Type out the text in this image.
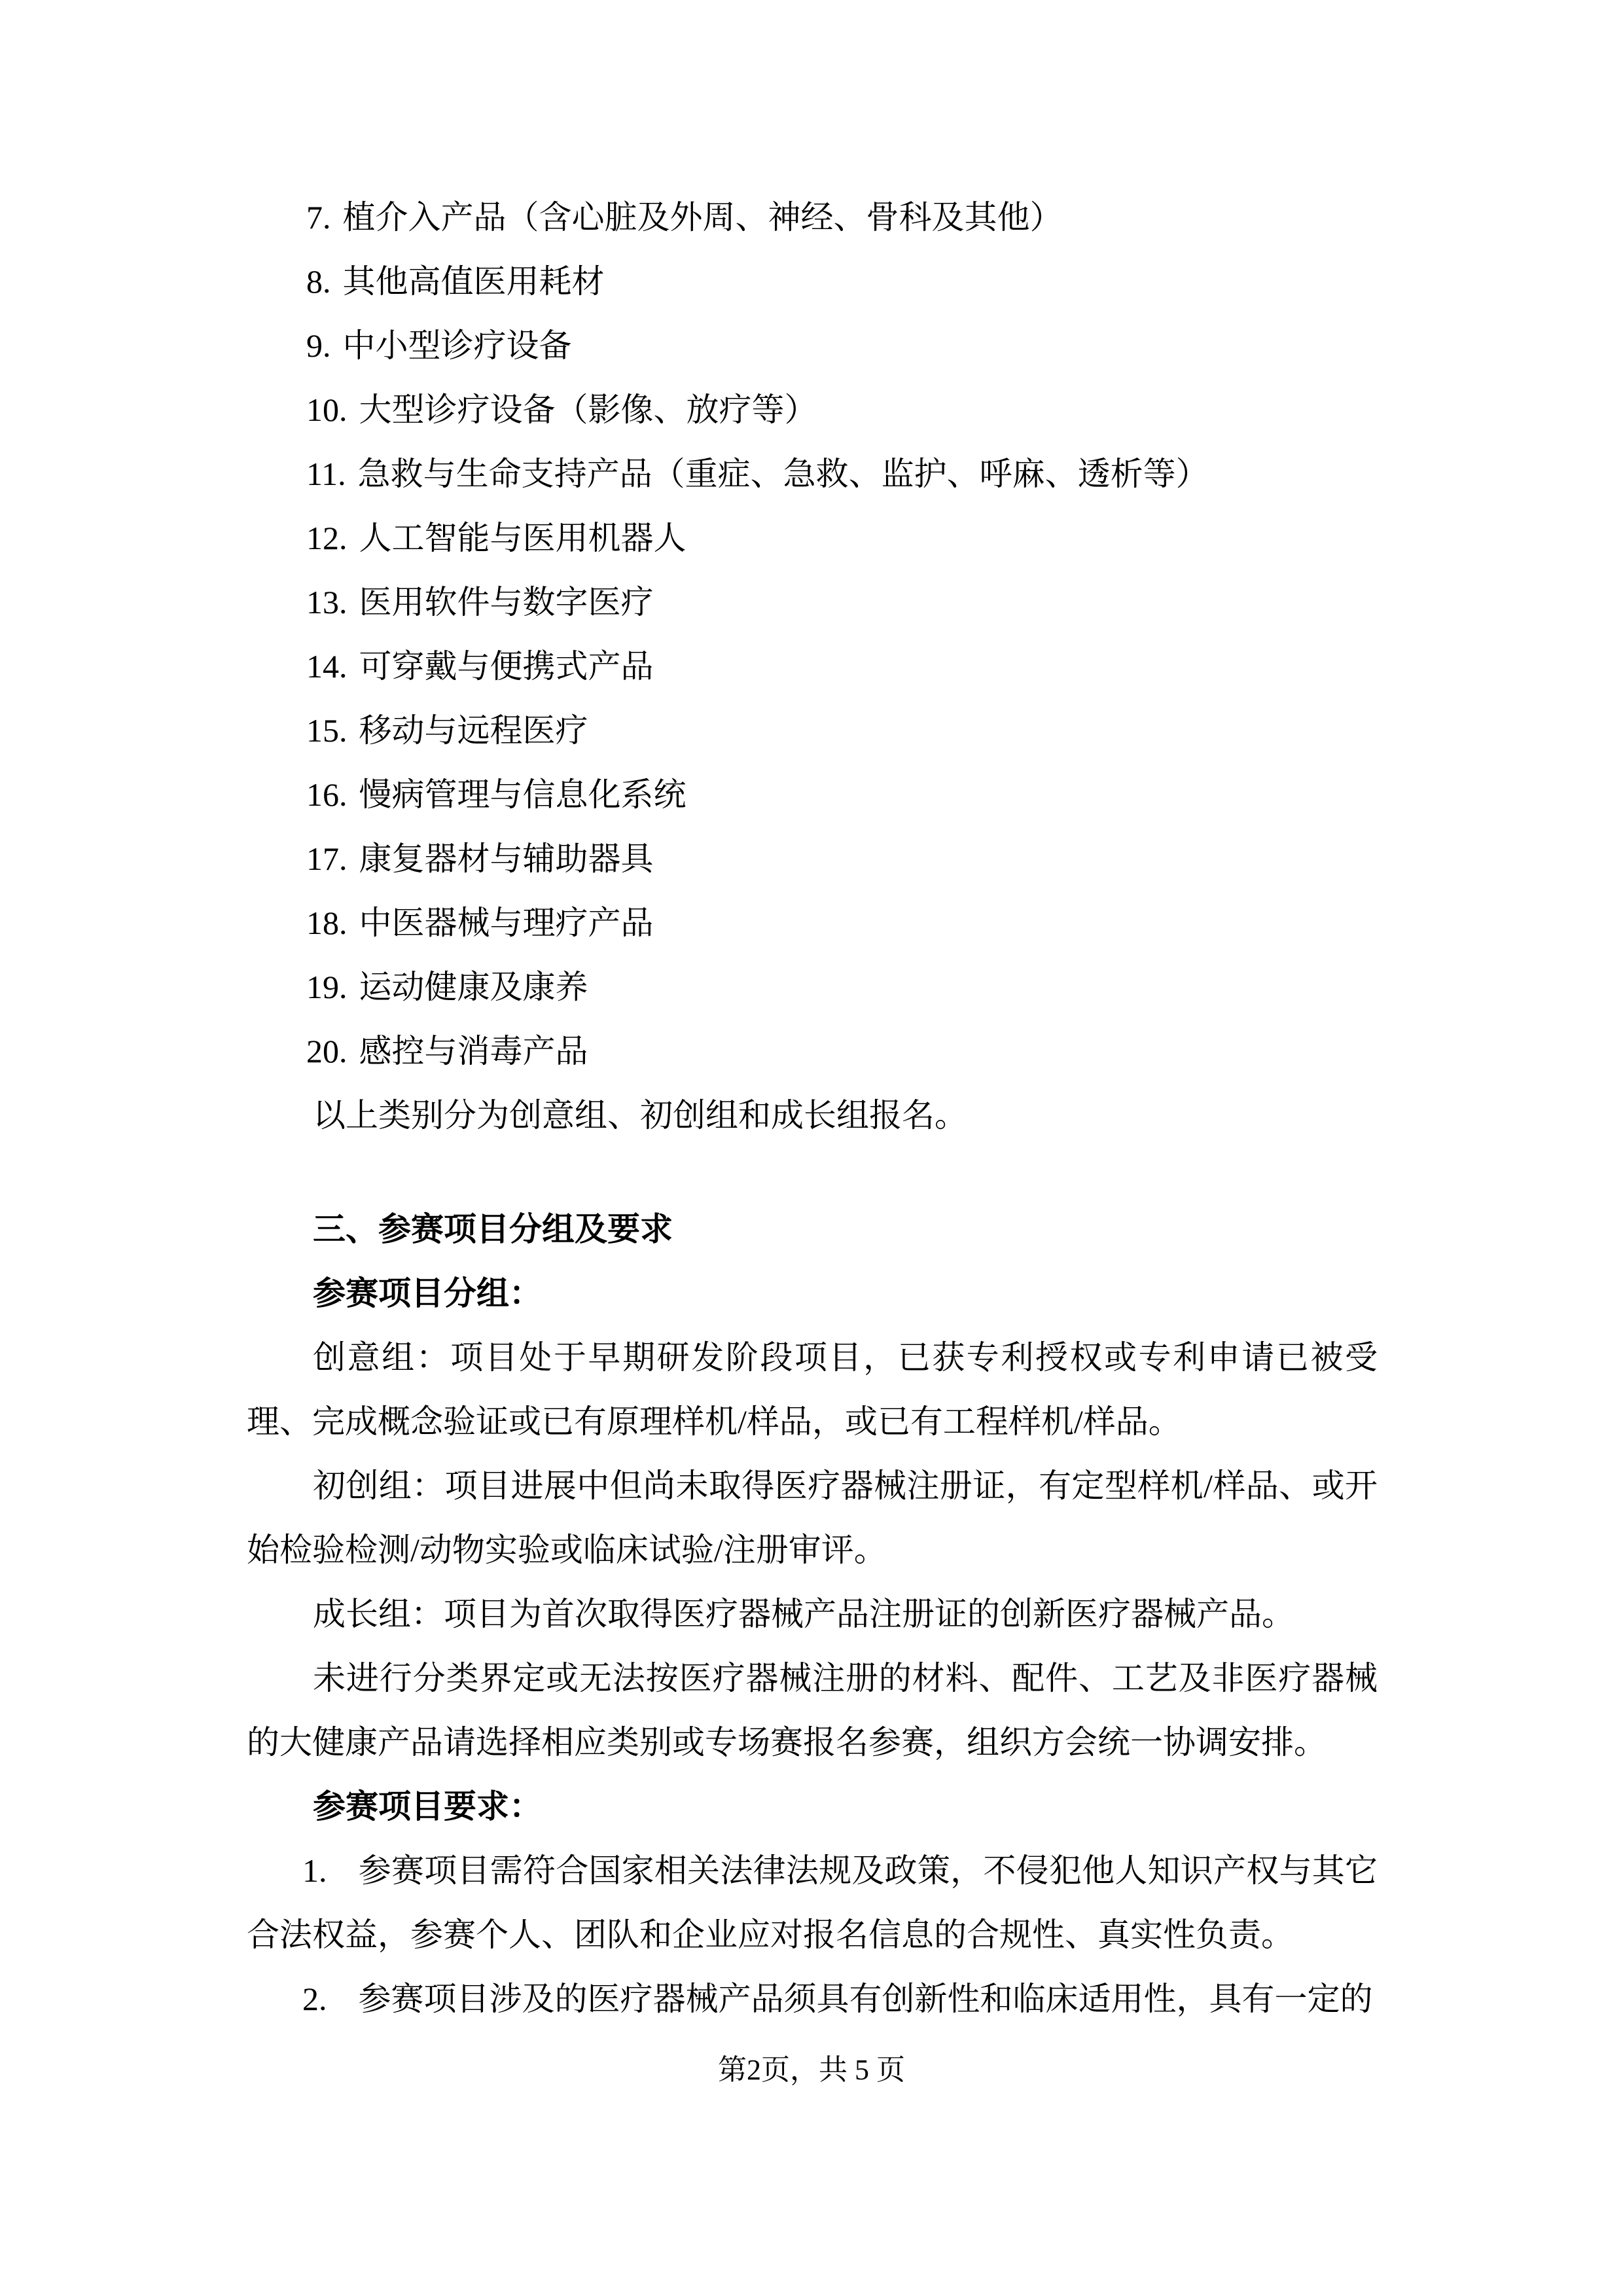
7. 植介入产品（含心脏及外周、神经、骨科及其他）
8. 其他高值医用耗材
9. 中小型诊疗设备
10. 大型诊疗设备（影像、放疗等）
11. 急救与生命支持产品（重症、急救、监护、呼麻、透析等）
12. 人工智能与医用机器人
13. 医用软件与数字医疗
14. 可穿戴与便携式产品
15. 移动与远程医疗
16. 慢病管理与信息化系统
17. 康复器材与辅助器具
18. 中医器械与理疗产品
19. 运动健康及康养
20. 感控与消毒产品
以上类别分为创意组、初创组和成长组报名。
三、参赛项目分组及要求
参赛项目分组：

创意组：项目处于早期研发阶段项目，已获专利授权或专利申请已被受理、完成概念验证或已有原理样机/样品，或已有工程样机/样品。

初创组：项目进展中但尚未取得医疗器械注册证，有定型样机/样品、或开始检验检测/动物实验或临床试验/注册审评。

成长组：项目为首次取得医疗器械产品注册证的创新医疗器械产品。

未进行分类界定或无法按医疗器械注册的材料、配件、工艺及非医疗器械的大健康产品请选择相应类别或专场赛报名参赛，组织方会统一协调安排。

参赛项目要求：

1. 参赛项目需符合国家相关法律法规及政策，不侵犯他人知识产权与其它合法权益，参赛个人、团队和企业应对报名信息的合规性、真实性负责。

2. 参赛项目涉及的医疗器械产品须具有创新性和临床适用性，具有一定的

第2页，共 5 页
